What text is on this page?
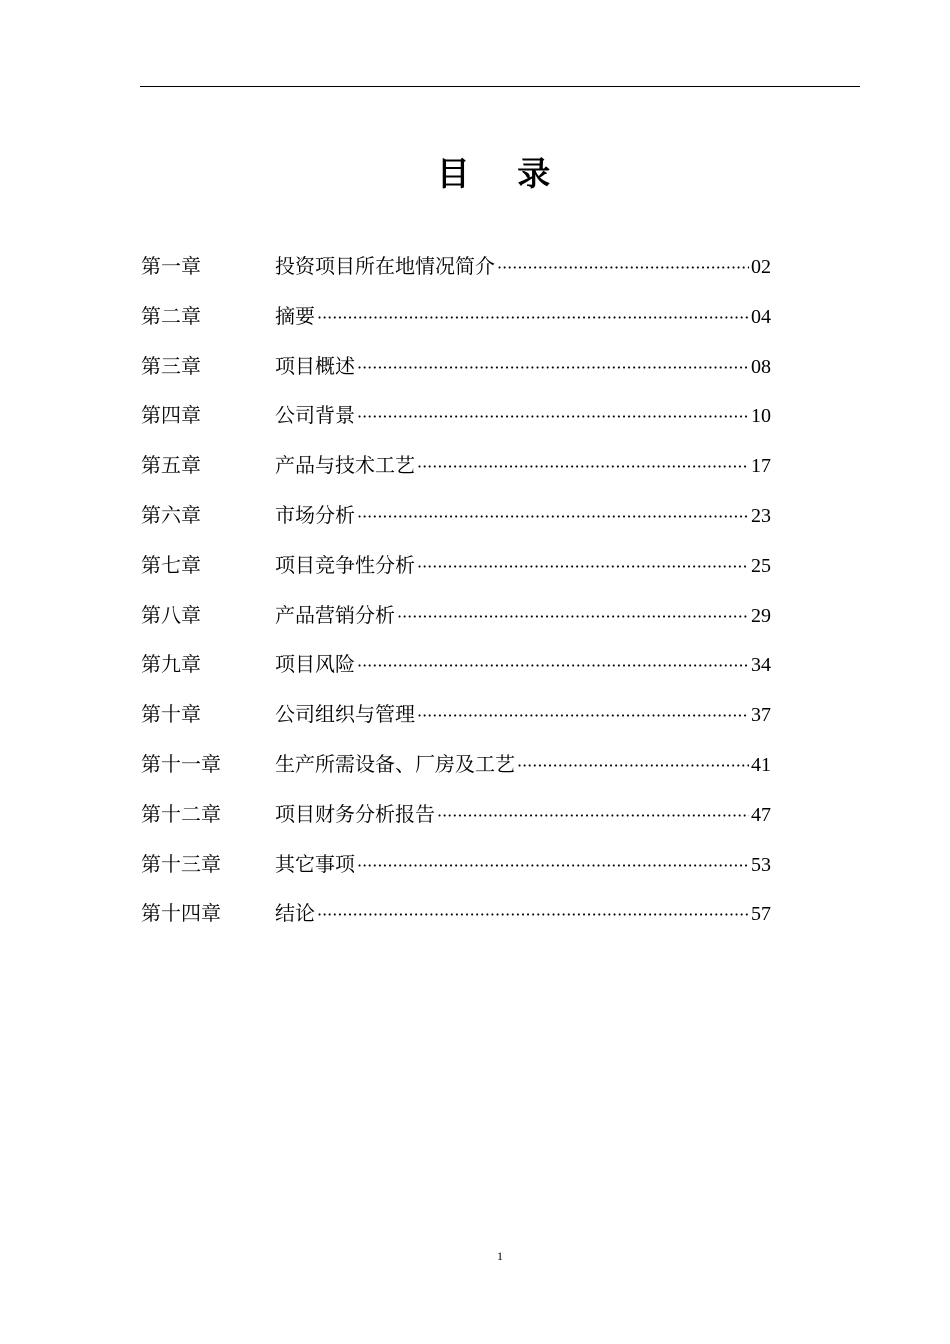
目 录
第一章	投资项目所在地情况简介 ·····	02
第二章	摘要 ·····	04
第三章	项目概述 ·····	08
第四章	公司背景 ·····	10
第五章	产品与技术工艺 ·····	17
第六章	市场分析 ·····	23
第七章	项目竞争性分析 ·····	25
第八章	产品营销分析 ·····	29
第九章	项目风险 ·····	34
第十章	公司组织与管理 ·····	37
第十一章	生产所需设备、厂房及工艺 ·····	41
第十二章	项目财务分析报告 ·····	47
第十三章	其它事项 ·····	53
第十四章	结论 ·····	57
1
